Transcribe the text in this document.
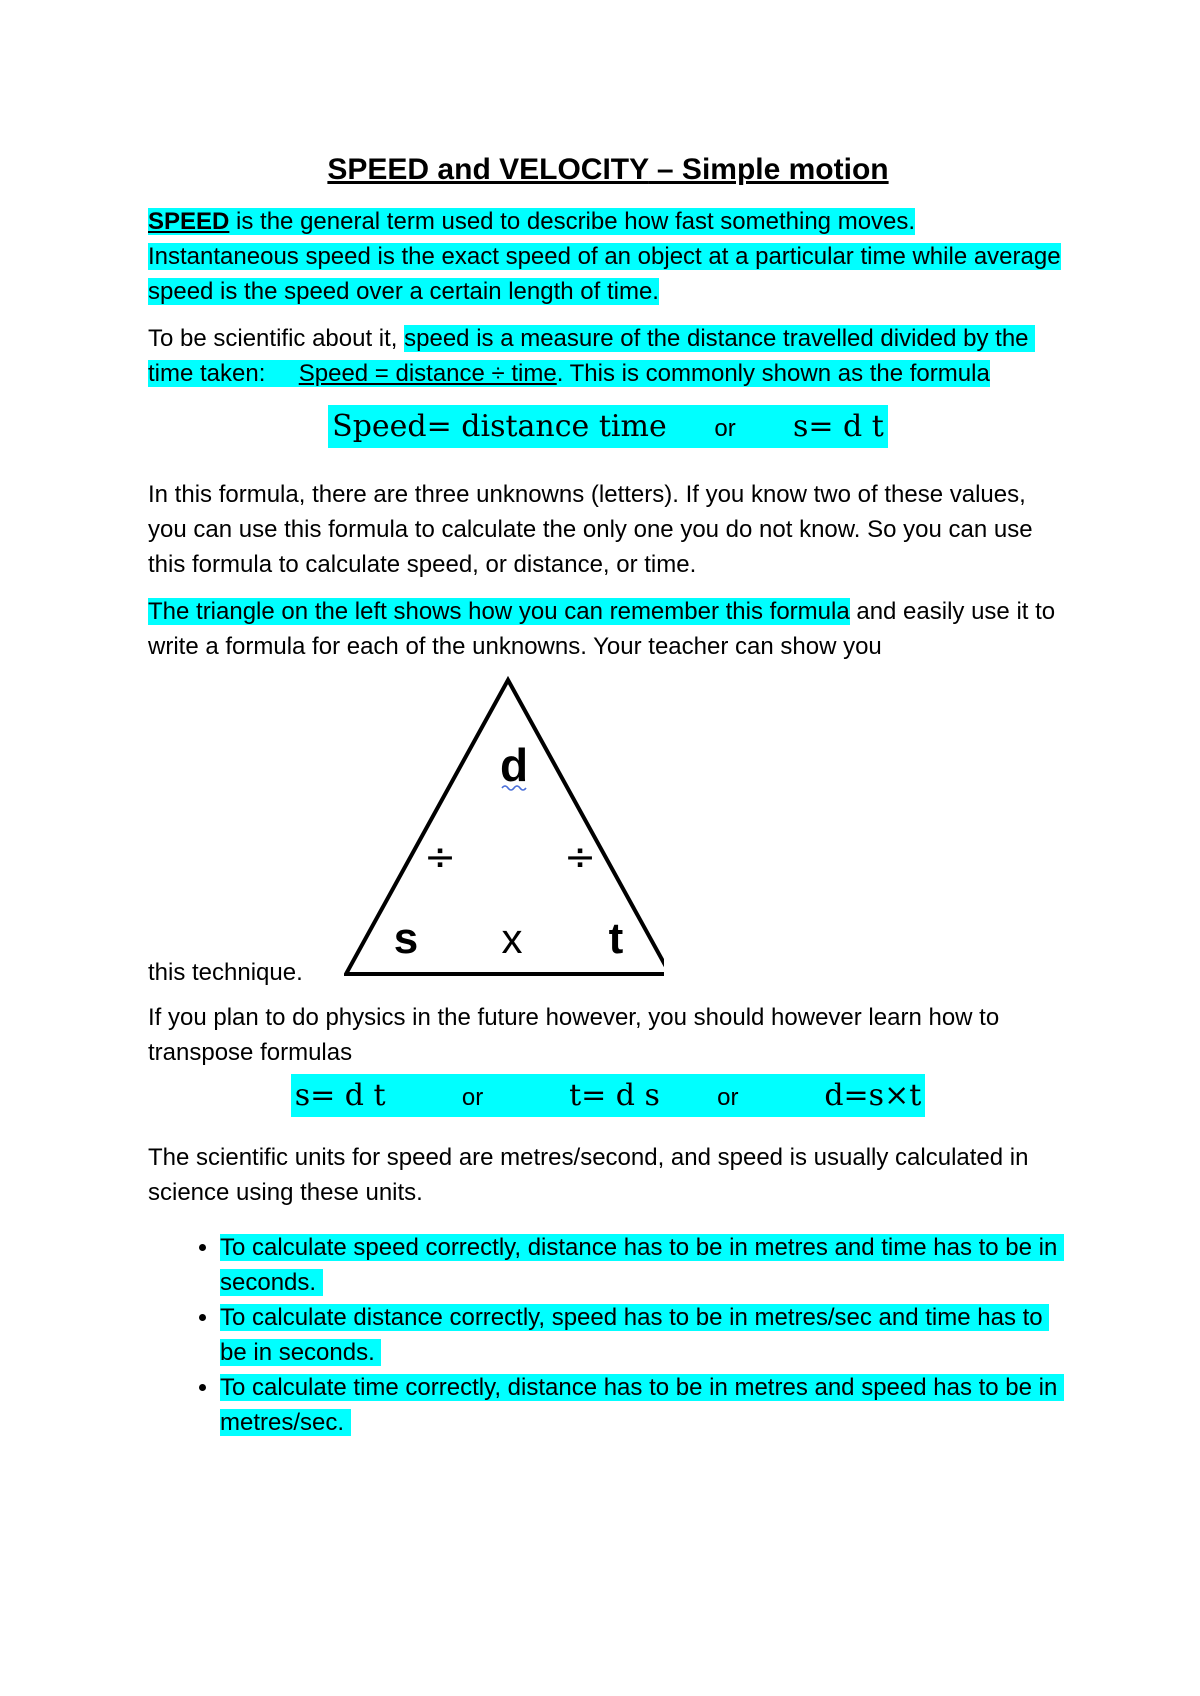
SPEED and VELOCITY – Simple motion

SPEED is the general term used to describe how fast something moves. Instantaneous speed is the exact speed of an object at a particular time while average speed is the speed over a certain length of time.

To be scientific about it, speed is a measure of the distance travelled divided by the time taken:     Speed = distance ÷ time. This is commonly shown as the formula

Speed= distance time or s= d t

In this formula, there are three unknowns (letters). If you know two of these values, you can use this formula to calculate the only one you do not know. So you can use this formula to calculate speed, or distance, or time.

The triangle on the left shows how you can remember this formula and easily use it to write a formula for each of the unknowns. Your teacher can show you

this technique.
d
÷	÷
s x t

If you plan to do physics in the future however, you should however learn how to transpose formulas

s= d t	or	t= d s or	d=s×t

The scientific units for speed are metres/second, and speed is usually calculated in science using these units.

• To calculate speed correctly, distance has to be in metres and time has to be in seconds.
• To calculate distance correctly, speed has to be in metres/sec and time has to be in seconds.
• To calculate time correctly, distance has to be in metres and speed has to be in metres/sec.
